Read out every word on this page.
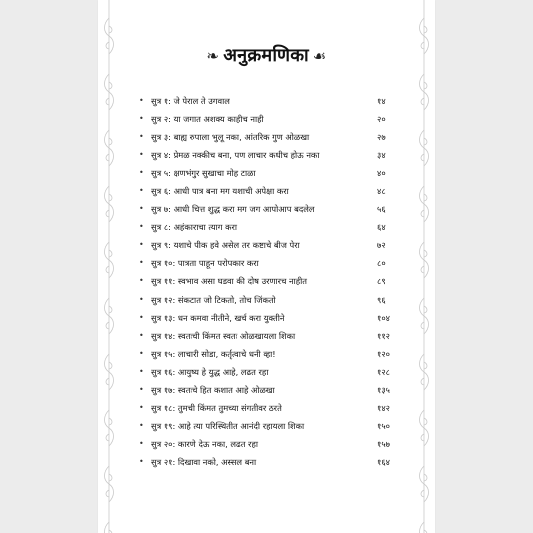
❧ अनुक्रमणिका ☙
• सुत्र १: जे पेराल ते उगवाल	१४
• सुत्र २: या जगात अशक्य काहीच नाही	२०
• सुत्र ३: बाह्य रुपाला भुलू नका, आंतरिक गुण ओळखा	२७
• सुत्र ४: प्रेमळ नक्कीच बना, पण लाचार कधीच होऊ नका	३४
• सुत्र ५: क्षणभंगुर सुखाचा मोह टाळा	४०
• सुत्र ६: आधी पात्र बना मग यशाची अपेक्षा करा	४८
• सुत्र ७: आधी चित्त शुद्ध करा मग जग आपोआप बदलेल	५६
• सुत्र ८: अहंकाराचा त्याग करा	६४
• सुत्र ९: यशाचे पीक हवे असेल तर कष्टाचे बीज पेरा	७२
• सुत्र १०: पात्रता पाहून परोपकार करा	८०
• सुत्र ११: स्वभाव असा घडवा की दोष उरणारच नाहीत	८९
• सुत्र १२: संकटात जो टिकतो, तोच जिंकतो	९६
• सुत्र १३: धन कमवा नीतीने, खर्च करा युक्तीने	१०४
• सुत्र १४: स्वतःची किंमत स्वतः ओळखायला शिका	११२
• सुत्र १५: लाचारी सोडा, कर्तृत्वाचे धनी व्हा!	१२०
• सुत्र १६: आयुष्य हे युद्ध आहे, लढत रहा	१२८
• सुत्र १७: स्वतःचे हित कशात आहे ओळखा	१३५
• सुत्र १८: तुमची किंमत तुमच्या संगतीवर ठरते	१४२
• सुत्र १९: आहे त्या परिस्थितीत आनंदी रहायला शिका	१५०
• सुत्र २०: कारणे देऊ नका, लढत रहा	१५७
• सुत्र २१: दिखावा नको, अस्सल बना	१६४
